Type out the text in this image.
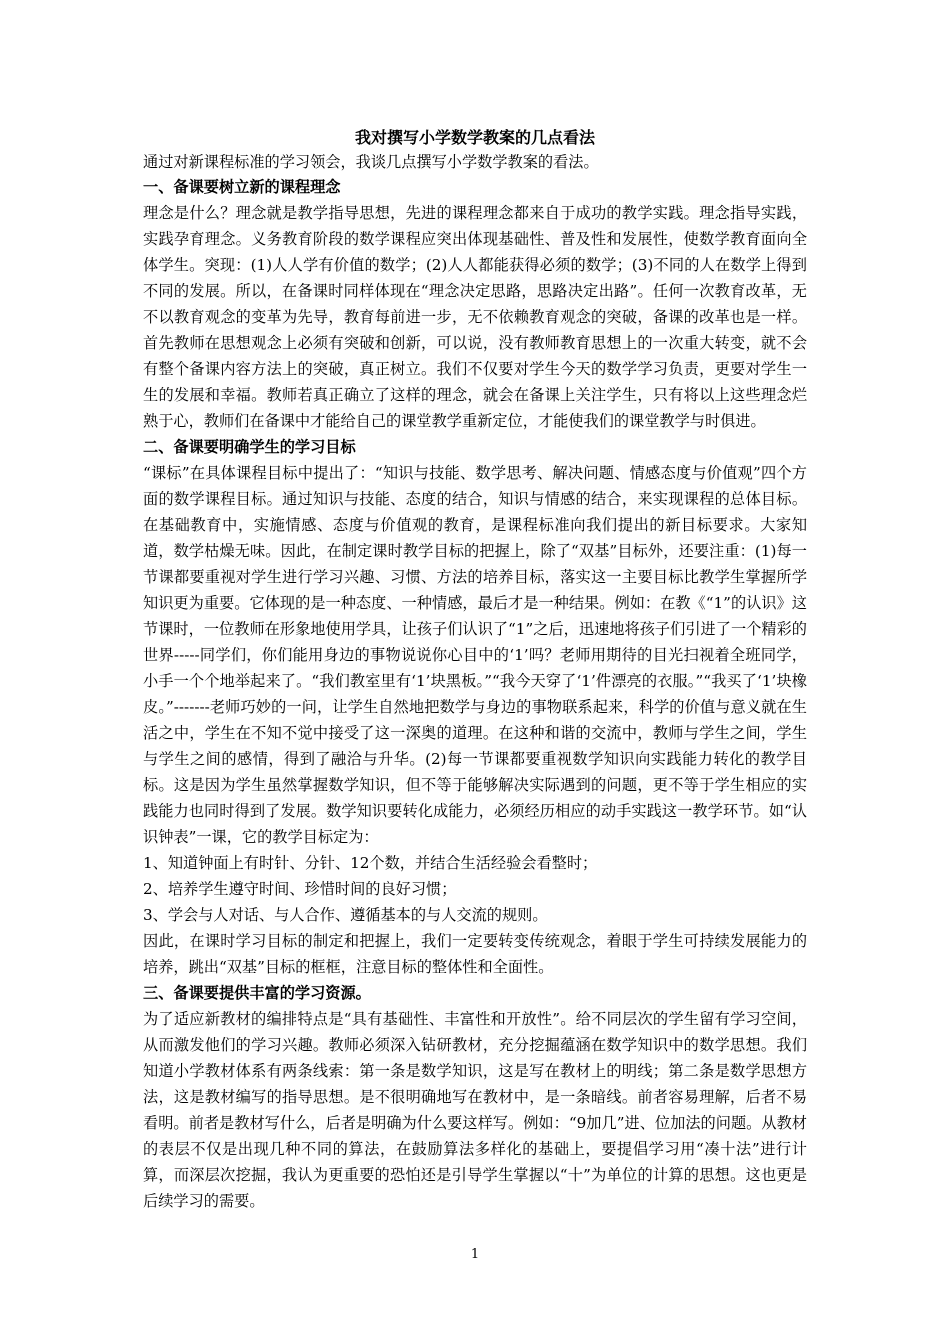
我对撰写小学数学教案的几点看法

通过对新课程标准的学习领会，我谈几点撰写小学数学教案的看法。

一、备课要树立新的课程理念

理念是什么？理念就是教学指导思想，先进的课程理念都来自于成功的教学实践。理念指导实践，实践孕育理念。义务教育阶段的数学课程应突出体现基础性、普及性和发展性，使数学教育面向全体学生。突现：(1)人人学有价值的数学；(2)人人都能获得必须的数学；(3)不同的人在数学上得到不同的发展。所以，在备课时同样体现在“理念决定思路，思路决定出路”。任何一次教育改革，无不以教育观念的变革为先导，教育每前进一步，无不依赖教育观念的突破，备课的改革也是一样。首先教师在思想观念上必须有突破和创新，可以说，没有教师教育思想上的一次重大转变，就不会有整个备课内容方法上的突破，真正树立。我们不仅要对学生今天的数学学习负责，更要对学生一生的发展和幸福。教师若真正确立了这样的理念，就会在备课上关注学生，只有将以上这些理念烂熟于心，教师们在备课中才能给自己的课堂教学重新定位，才能使我们的课堂教学与时俱进。

二、备课要明确学生的学习目标

“课标”在具体课程目标中提出了：“知识与技能、数学思考、解决问题、情感态度与价值观”四个方面的数学课程目标。通过知识与技能、态度的结合，知识与情感的结合，来实现课程的总体目标。在基础教育中，实施情感、态度与价值观的教育，是课程标准向我们提出的新目标要求。大家知道，数学枯燥无味。因此，在制定课时教学目标的把握上，除了“双基”目标外，还要注重：(1)每一节课都要重视对学生进行学习兴趣、习惯、方法的培养目标，落实这一主要目标比教学生掌握所学知识更为重要。它体现的是一种态度、一种情感，最后才是一种结果。例如：在教《“1”的认识》这节课时，一位教师在形象地使用学具，让孩子们认识了“1”之后，迅速地将孩子们引进了一个精彩的世界-----同学们，你们能用身边的事物说说你心目中的‘1’吗？老师用期待的目光扫视着全班同学，小手一个个地举起来了。“我们教室里有‘1’块黑板。”“我今天穿了‘1’件漂亮的衣服。”“我买了‘1’块橡皮。”-------老师巧妙的一问，让学生自然地把数学与身边的事物联系起来，科学的价值与意义就在生活之中，学生在不知不觉中接受了这一深奥的道理。在这种和谐的交流中，教师与学生之间，学生与学生之间的感情，得到了融洽与升华。(2)每一节课都要重视数学知识向实践能力转化的教学目标。这是因为学生虽然掌握数学知识，但不等于能够解决实际遇到的问题，更不等于学生相应的实践能力也同时得到了发展。数学知识要转化成能力，必须经历相应的动手实践这一教学环节。如“认识钟表”一课，它的教学目标定为：

1、知道钟面上有时针、分针、12个数，并结合生活经验会看整时；

2、培养学生遵守时间、珍惜时间的良好习惯；

3、学会与人对话、与人合作、遵循基本的与人交流的规则。

因此，在课时学习目标的制定和把握上，我们一定要转变传统观念，着眼于学生可持续发展能力的培养，跳出“双基”目标的框框，注意目标的整体性和全面性。

三、备课要提供丰富的学习资源。

为了适应新教材的编排特点是“具有基础性、丰富性和开放性”。给不同层次的学生留有学习空间，从而激发他们的学习兴趣。教师必须深入钻研教材，充分挖掘蕴涵在数学知识中的数学思想。我们知道小学教材体系有两条线索：第一条是数学知识，这是写在教材上的明线；第二条是数学思想方法，这是教材编写的指导思想。是不很明确地写在教材中，是一条暗线。前者容易理解，后者不易看明。前者是教材写什么，后者是明确为什么要这样写。例如：“9加几”进、位加法的问题。从教材的表层不仅是出现几种不同的算法，在鼓励算法多样化的基础上，要提倡学习用“凑十法”进行计算，而深层次挖掘，我认为更重要的恐怕还是引导学生掌握以“十”为单位的计算的思想。这也更是后续学习的需要。

1
